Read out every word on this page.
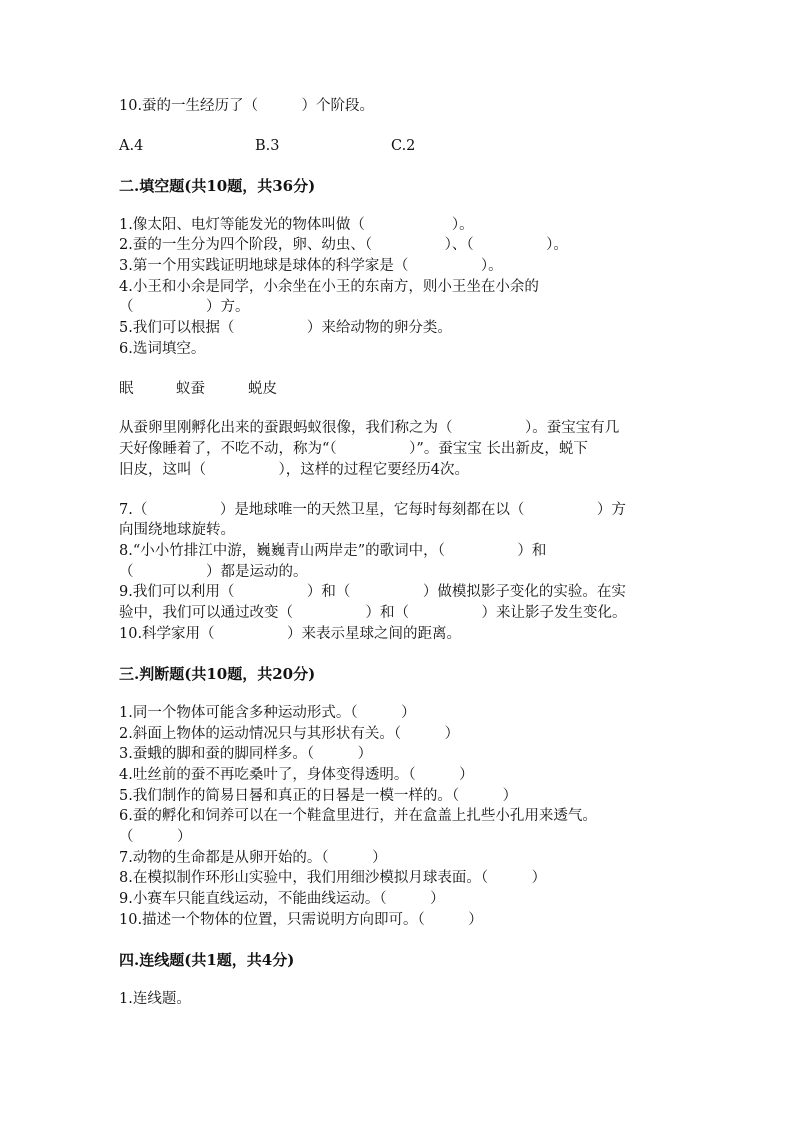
10.蚕的一生经历了（　　　）个阶段。
A.4	B.3	C.2
二.填空题(共10题，共36分)
1.像太阳、电灯等能发光的物体叫做（　　　　　　）。
2.蚕的一生分为四个阶段，卵、幼虫、（　　　　　）、（　　　　　）。
3.第一个用实践证明地球是球体的科学家是（　　　　　）。
4.小王和小余是同学，小余坐在小王的东南方，则小王坐在小余的
（　　　　　）方。
5.我们可以根据（　　　　　）来给动物的卵分类。
6.选词填空。
眠	蚁蚕	蜕皮
从蚕卵里刚孵化出来的蚕跟蚂蚁很像，我们称之为（　　　　　）。蚕宝宝有几
天好像睡着了，不吃不动，称为“（　　　　　）”。蚕宝宝 长出新皮，蜕下
旧皮，这叫（　　　　　），这样的过程它要经历4次。
7.（　　　　　）是地球唯一的天然卫星，它每时每刻都在以（　　　　　）方
向围绕地球旋转。
8.“小小竹排江中游，巍巍青山两岸走”的歌词中，（　　　　　）和
（　　　　　）都是运动的。
9.我们可以利用（　　　　　）和（　　　　　）做模拟影子变化的实验。在实
验中，我们可以通过改变（　　　　　）和（　　　　　）来让影子发生变化。
10.科学家用（　　　　　）来表示星球之间的距离。
三.判断题(共10题，共20分)
1.同一个物体可能含多种运动形式。（　　　）
2.斜面上物体的运动情况只与其形状有关。（　　　）
3.蚕蛾的脚和蚕的脚同样多。（　　　）
4.吐丝前的蚕不再吃桑叶了，身体变得透明。（　　　）
5.我们制作的简易日晷和真正的日晷是一模一样的。（　　　）
6.蚕的孵化和饲养可以在一个鞋盒里进行，并在盒盖上扎些小孔用来透气。
（　　　）
7.动物的生命都是从卵开始的。（　　　）
8.在模拟制作环形山实验中，我们用细沙模拟月球表面。（　　　）
9.小赛车只能直线运动，不能曲线运动。（　　　）
10.描述一个物体的位置，只需说明方向即可。（　　　）
四.连线题(共1题，共4分)
1.连线题。
